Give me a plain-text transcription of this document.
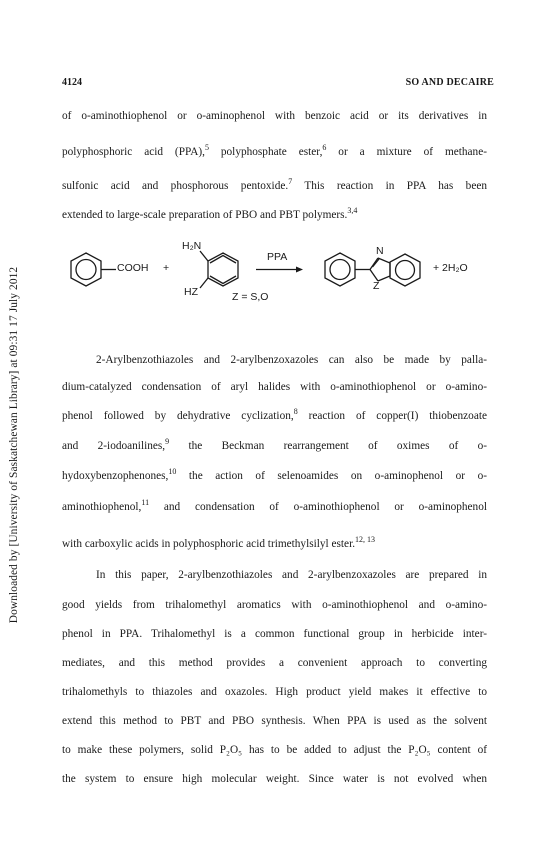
Downloaded by [University of Saskatchewan Library] at 09:31 17 July 2012
4124	SO AND DECAIRE
of o-aminothiophenol or o-aminophenol with benzoic acid or its derivatives in
polyphosphoric acid (PPA),$^5$ polyphosphate ester,$^6$ or a mixture of methane-
sulfonic acid and phosphorous pentoxide.$^7$ This reaction in PPA has been
extended to large-scale preparation of PBO and PBT polymers.$^{3,4}$
COOH +
H₂N
HZ
PPA
Z = S,O
N
Z
+ 2H₂O
2-Arylbenzothiazoles and 2-arylbenzoxazoles can also be made by palla-
dium-catalyzed condensation of aryl halides with o-aminothiophenol or o-amino-
phenol followed by dehydrative cyclization,$^8$ reaction of copper(I) thiobenzoate
and 2-iodoanilines,$^9$ the Beckman rearrangement of oximes of o-
hydoxybenzophenones,$^{10}$ the action of selenoamides on o-aminophenol or o-
aminothiophenol,$^{11}$ and condensation of o-aminothiophenol or o-aminophenol
with carboxylic acids in polyphosphoric acid trimethylsilyl ester.$^{12, 13}$
In this paper, 2-arylbenzothiazoles and 2-arylbenzoxazoles are prepared in
good yields from trihalomethyl aromatics with o-aminothiophenol and o-amino-
phenol in PPA. Trihalomethyl is a common functional group in herbicide inter-
mediates, and this method provides a convenient approach to converting
trihalomethyls to thiazoles and oxazoles. High product yield makes it effective to
extend this method to PBT and PBO synthesis. When PPA is used as the solvent
to make these polymers, solid P₂O₅ has to be added to adjust the P₂O₅ content of
the system to ensure high molecular weight. Since water is not evolved when
